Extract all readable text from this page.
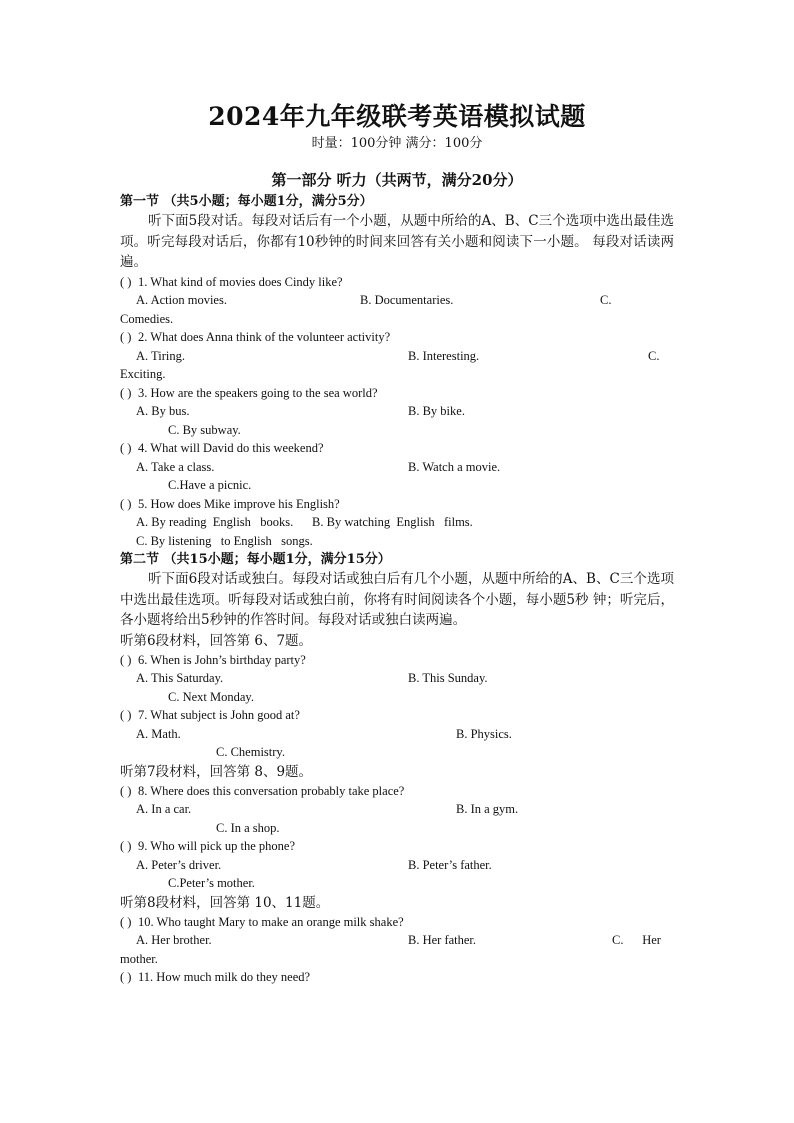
2024年九年级联考英语模拟试题
时量：100分钟 满分：100分
第一部分 听力（共两节，满分20分）
第一节 （共5小题；每小题1分，满分5分）
听下面5段对话。每段对话后有一个小题，从题中所给的A、B、C三个选项中选出最佳选项。听完每段对话后，你都有10秒钟的时间来回答有关小题和阅读下一小题。 每段对话读两遍。
( ) 1. What kind of movies does Cindy like?
A. Action movies.	B. Documentaries.	C.
Comedies.
( ) 2. What does Anna think of the volunteer activity?
A. Tiring.	B. Interesting.	C.
Exciting.
( ) 3. How are the speakers going to the sea world?
A. By bus.	B. By bike.
C. By subway.
( ) 4. What will David do this weekend?
A. Take a class.	B. Watch a movie.
C.Have a picnic.
( ) 5. How does Mike improve his English?
A. By reading  English   books.      B. By watching  English   films.
C. By listening   to English   songs.
第二节 （共15小题；每小题1分，满分15分）
听下面6段对话或独白。每段对话或独白后有几个小题，从题中所给的A、B、C三个选项中选出最佳选项。听每段对话或独白前，你将有时间阅读各个小题，每小题5秒 钟；听完后，各小题将给出5秒钟的作答时间。每段对话或独白读两遍。
听第6段材料，回答第 6、7题。
( ) 6. When is John’s birthday party?
A. This Saturday.	B. This Sunday.
C. Next Monday.
( ) 7. What subject is John good at?
A. Math.	B. Physics.
C. Chemistry.
听第7段材料，回答第 8、9题。
( ) 8. Where does this conversation probably take place?
A. In a car.	B. In a gym.
C. In a shop.
( ) 9. Who will pick up the phone?
A. Peter’s driver.	B. Peter’s father.
C.Peter’s mother.
听第8段材料，回答第 10、11题。
( ) 10. Who taught Mary to make an orange milk shake?
A. Her brother.	B. Her father.	C.      Her
mother.
( ) 11. How much milk do they need?
